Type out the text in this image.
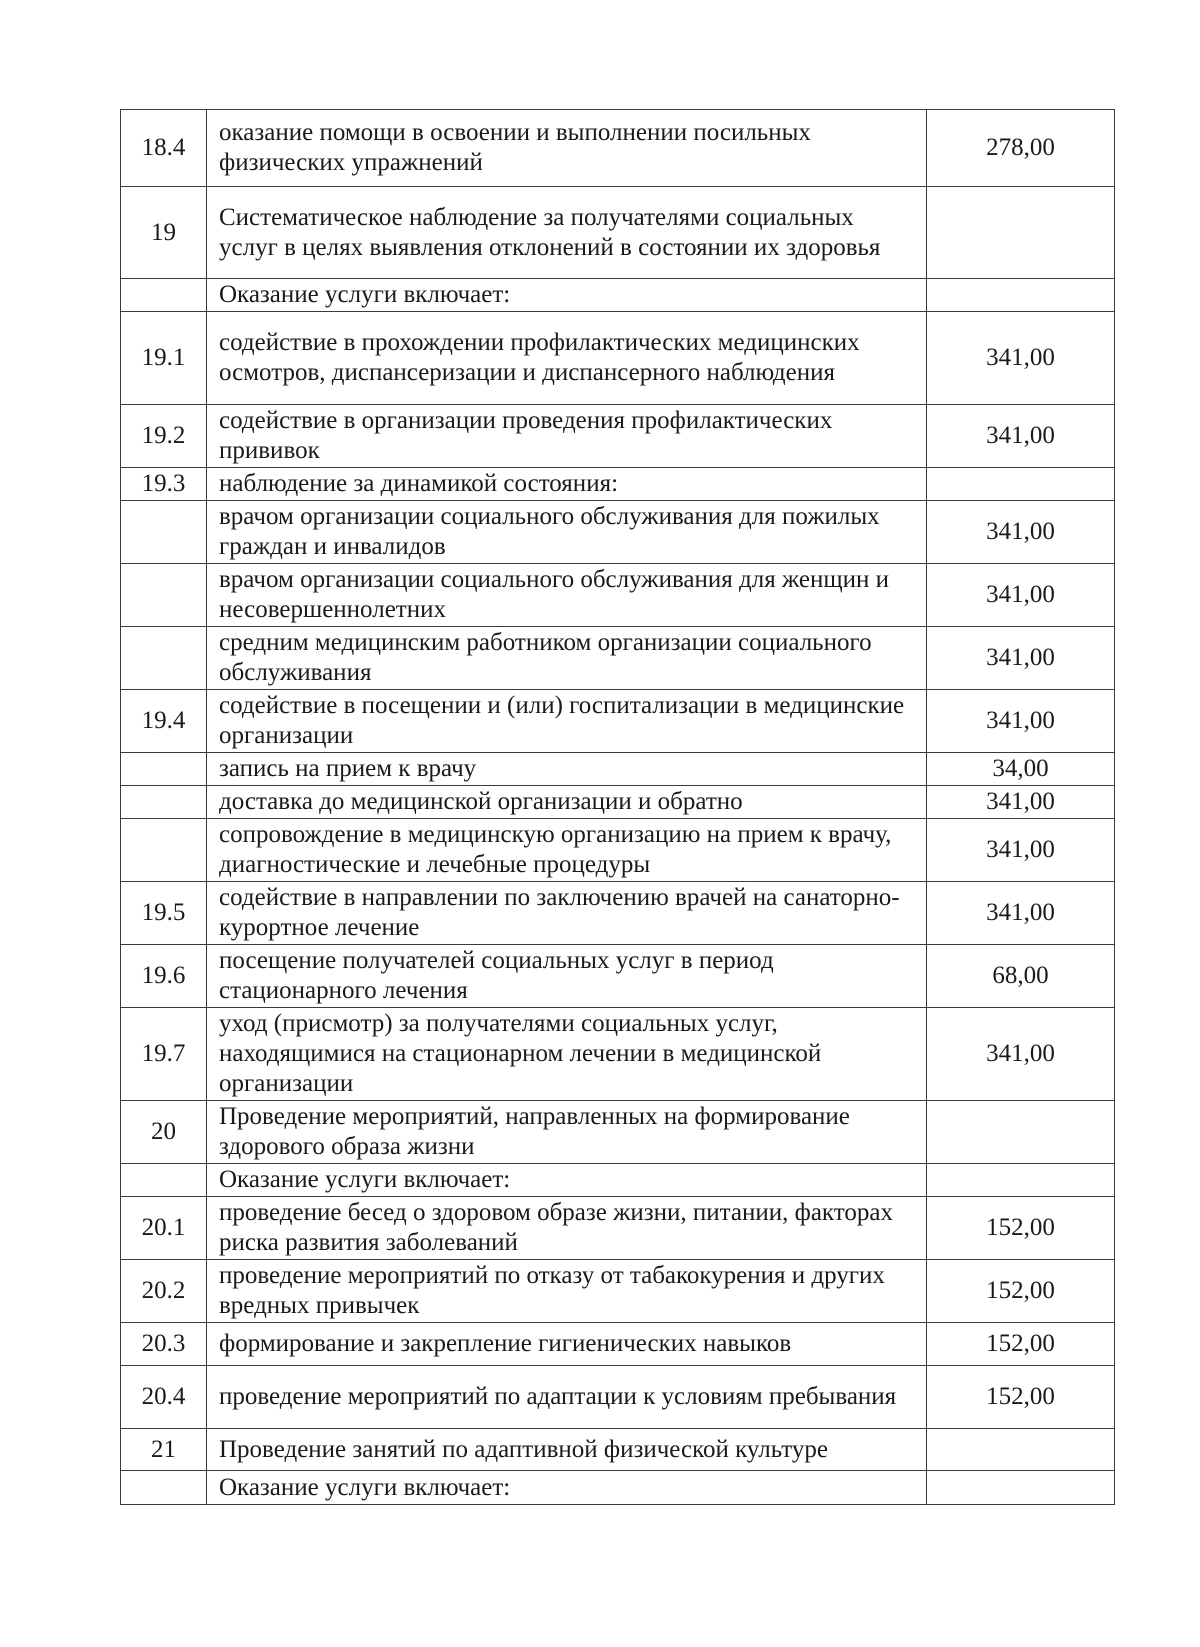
18.4	оказание помощи в освоении и выполнении посильных физических упражнений	278,00
19	Систематическое наблюдение за получателями социальных услуг в целях выявления отклонений в состоянии их здоровья	
	Оказание услуги включает:	
19.1	содействие в прохождении профилактических медицинских осмотров, диспансеризации и диспансерного наблюдения	341,00
19.2	содействие в организации проведения профилактических прививок	341,00
19.3	наблюдение за динамикой состояния:	
	врачом организации социального обслуживания для пожилых граждан и инвалидов	341,00
	врачом организации социального обслуживания для женщин и несовершеннолетних	341,00
	средним медицинским работником организации социального обслуживания	341,00
19.4	содействие в посещении и (или) госпитализации в медицинские организации	341,00
	запись на прием к врачу	34,00
	доставка до медицинской организации и обратно	341,00
	сопровождение в медицинскую организацию на прием к врачу, диагностические и лечебные процедуры	341,00
19.5	содействие в направлении по заключению врачей на санаторно-курортное лечение	341,00
19.6	посещение получателей социальных услуг в период стационарного лечения	68,00
19.7	уход (присмотр) за получателями социальных услуг, находящимися на стационарном лечении в медицинской организации	341,00
20	Проведение мероприятий, направленных на формирование здорового образа жизни	
	Оказание услуги включает:	
20.1	проведение бесед о здоровом образе жизни, питании, факторах риска развития заболеваний	152,00
20.2	проведение мероприятий по отказу от табакокурения и других вредных привычек	152,00
20.3	формирование и закрепление гигиенических навыков	152,00
20.4	проведение мероприятий по адаптации к условиям пребывания	152,00
21	Проведение занятий по адаптивной физической культуре	
	Оказание услуги включает:	
